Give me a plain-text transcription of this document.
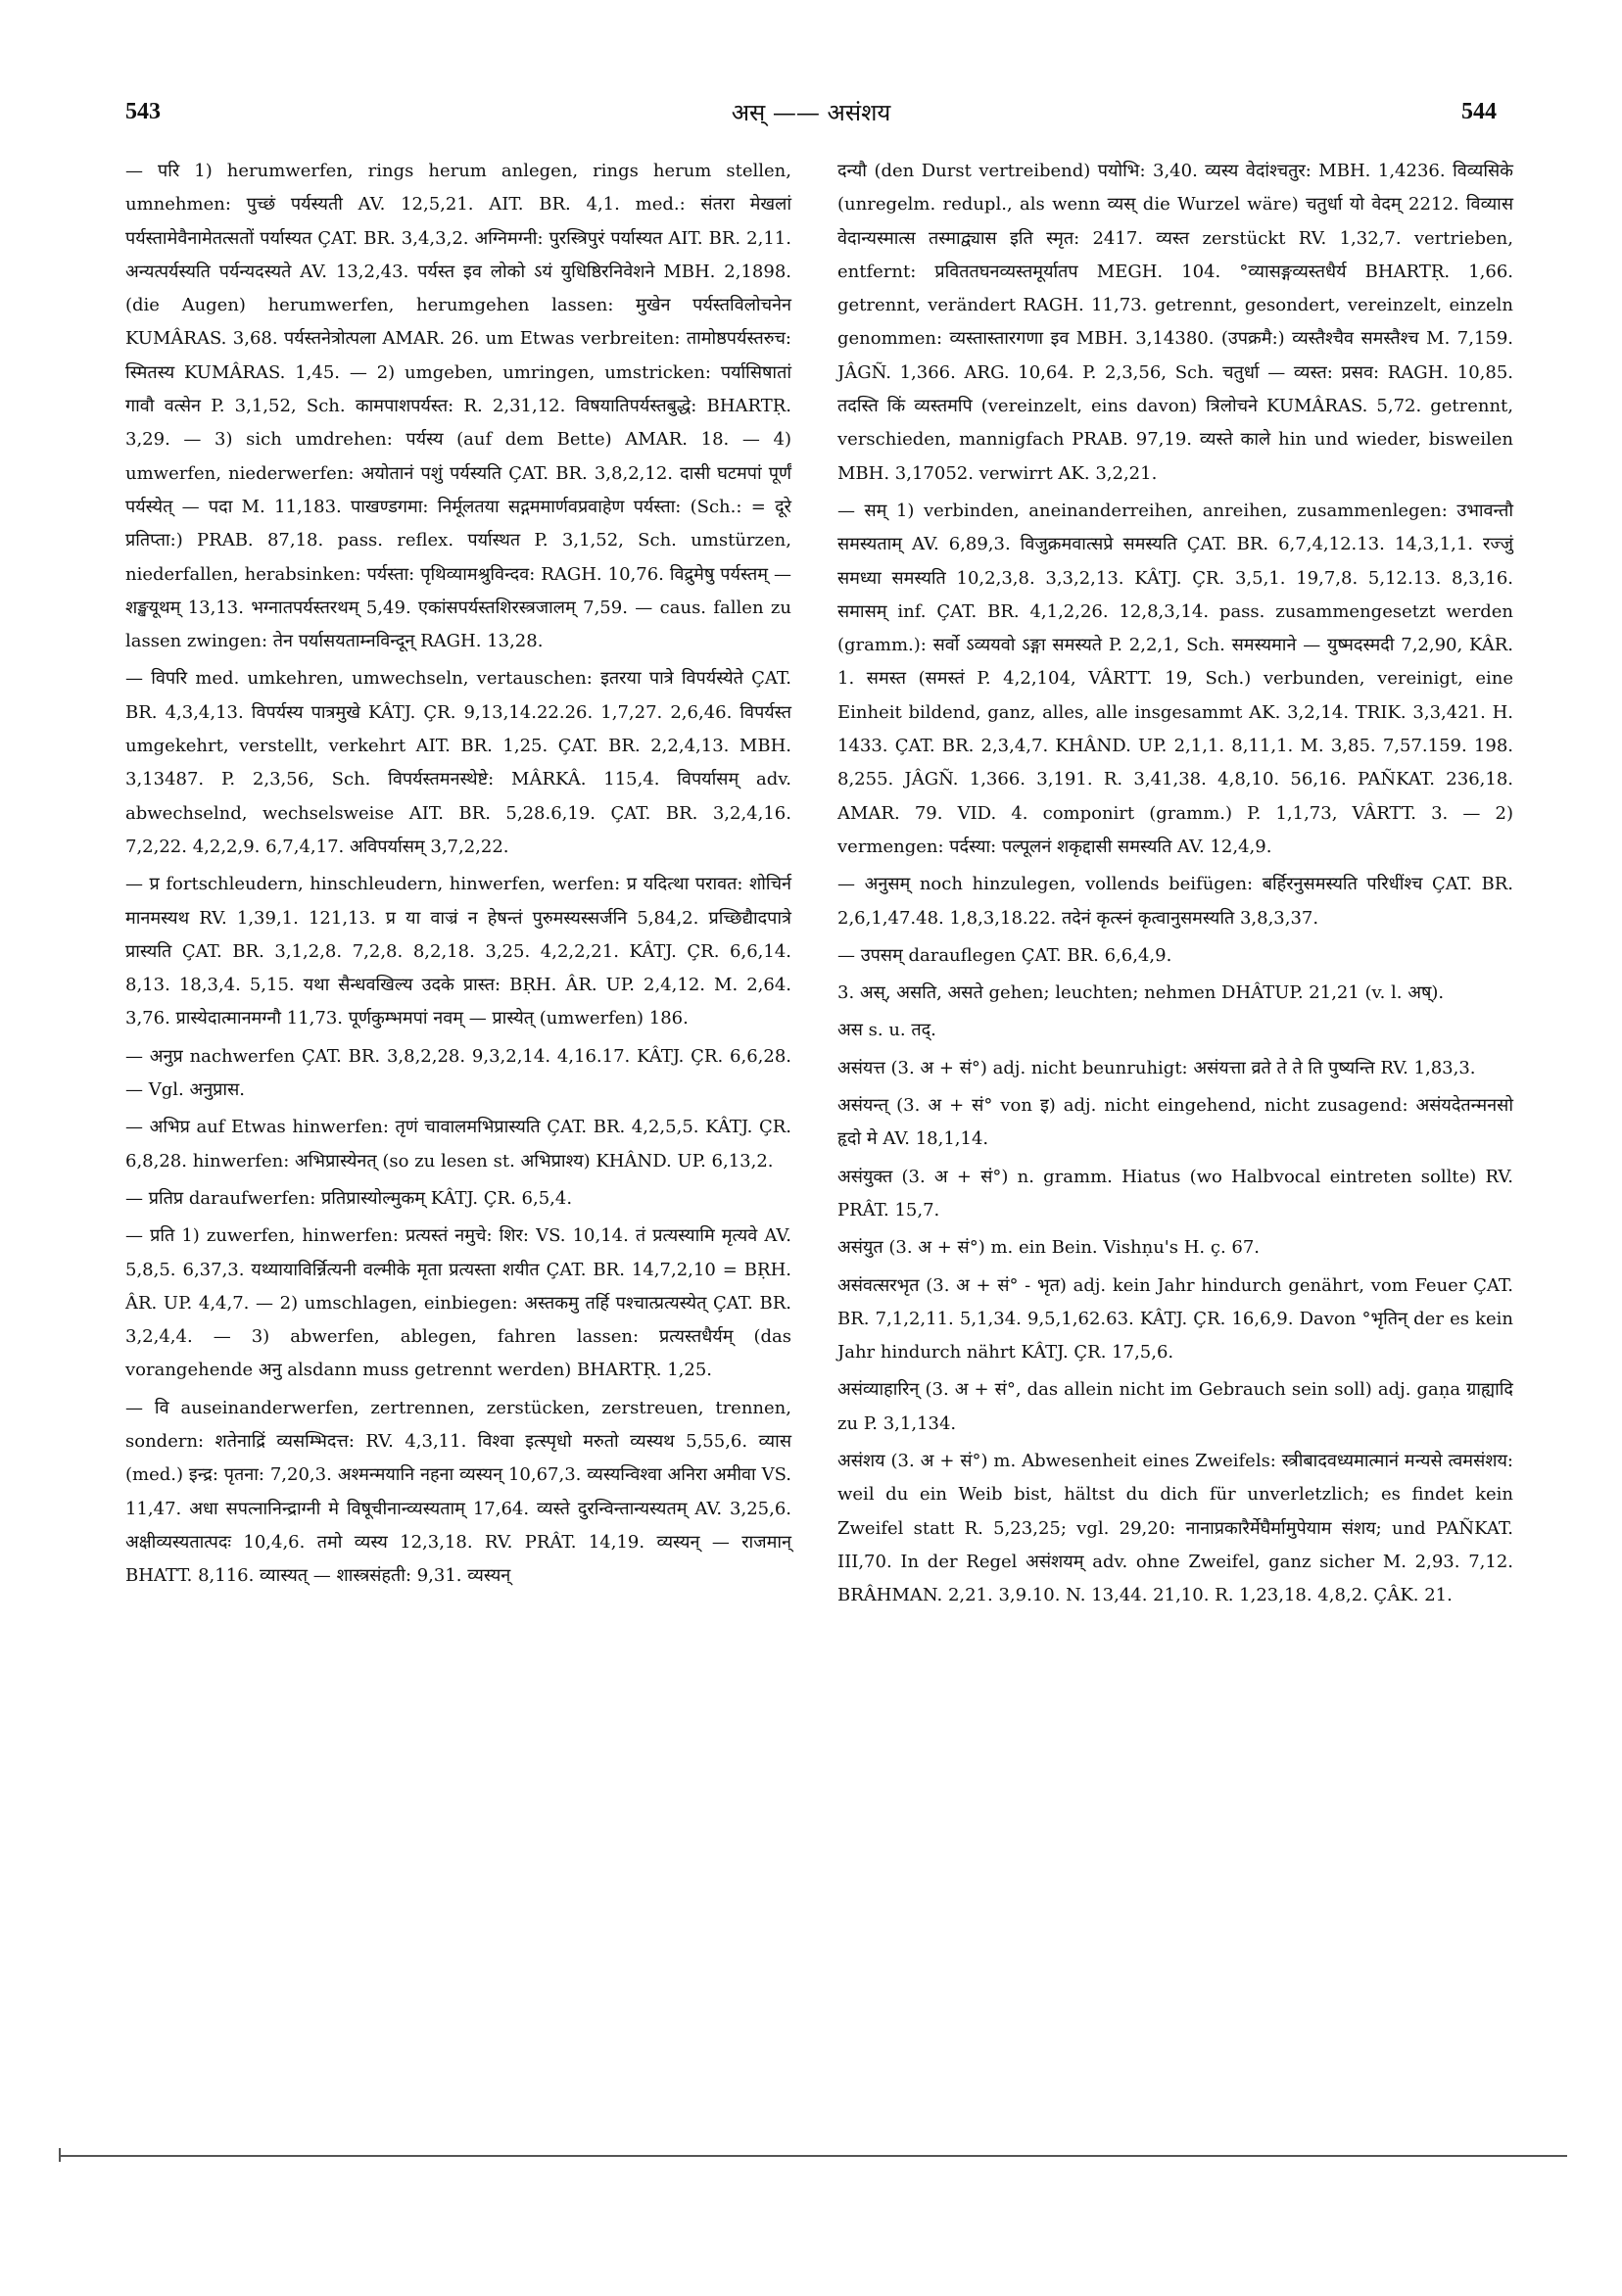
543	अस् —— असंशय	544

— परि 1) herumwerfen, rings herum anlegen, rings herum stellen, umnehmen: पुच्छं पर्यस्यती AV. 12,5,21. AIT. BR. 4,1. med.: संतरा मेखलां पर्यस्तामेवैनामेतत्सतों पर्यास्यत ÇAT. BR. 3,4,3,2. अग्निमग्नी: पुरस्त्रिपुरं पर्यास्यत AIT. BR. 2,11. अन्यत्पर्यस्यति पर्यन्यदस्यते AV. 13,2,43. पर्यस्त इव लोको ऽयं युधिष्ठिरनिवेशने MBH. 2,1898. (die Augen) herumwerfen, herumgehen lassen: मुखेन पर्यस्तविलोचनेन KUMÂRAS. 3,68. पर्यस्तनेत्रोत्पला AMAR. 26. um Etwas verbreiten: तामोष्ठपर्यस्तरुच: स्मितस्य KUMÂRAS. 1,45. — 2) umgeben, umringen, umstricken: पर्यासिषातां गावौ वत्सेन P. 3,1,52, Sch. कामपाशपर्यस्त: R. 2,31,12. विषयातिपर्यस्तबुद्धे: BHARTṚ. 3,29. — 3) sich umdrehen: पर्यस्य (auf dem Bette) AMAR. 18. — 4) umwerfen, niederwerfen: अयोतानं पशुं पर्यस्यति ÇAT. BR. 3,8,2,12. दासी घटमपां पूर्णं पर्यस्येत् — पदा M. 11,183. पाखण्डगमा: निर्मूलतया सद्गममार्णवप्रवाहेण पर्यस्ता: (Sch.: = दूरे प्रतिप्ता:) PRAB. 87,18. pass. reflex. पर्यास्थत P. 3,1,52, Sch. umstürzen, niederfallen, herabsinken: पर्यस्ता: पृथिव्यामश्रुविन्दव: RAGH. 10,76. विद्रुमेषु पर्यस्तम् — शङ्खयूथम् 13,13. भग्नातपर्यस्तरथम् 5,49. एकांसपर्यस्तशिरस्त्रजालम् 7,59. — caus. fallen zu lassen zwingen: तेन पर्यासयताम्नविन्दून् RAGH. 13,28.

— विपरि med. umkehren, umwechseln, vertauschen: इतरया पात्रे विपर्यस्येते ÇAT. BR. 4,3,4,13. विपर्यस्य पात्रमुखे KÂTJ. ÇR. 9,13,14.22.26. 1,7,27. 2,6,46. विपर्यस्त umgekehrt, verstellt, verkehrt AIT. BR. 1,25. ÇAT. BR. 2,2,4,13. MBH. 3,13487. P. 2,3,56, Sch. विपर्यस्तमनस्थेष्टे: MÂRKÂ. 115,4. विपर्यासम् adv. abwechselnd, wechselsweise AIT. BR. 5,28.6,19. ÇAT. BR. 3,2,4,16. 7,2,22. 4,2,2,9. 6,7,4,17. अविपर्यासम् 3,7,2,22.

— प्र fortschleudern, hinschleudern, hinwerfen, werfen: प्र यदित्था परावत: शोचिर्न मानमस्यथ RV. 1,39,1. 121,13. प्र या वाज्रं न हेषन्तं पुरुमस्यस्सर्जनि 5,84,2. प्रच्छिद्यैादपात्रे प्रास्यति ÇAT. BR. 3,1,2,8. 7,2,8. 8,2,18. 3,25. 4,2,2,21. KÂTJ. ÇR. 6,6,14. 8,13. 18,3,4. 5,15. यथा सैन्धवखिल्य उदके प्रास्त: BṚH. ÂR. UP. 2,4,12. M. 2,64. 3,76. प्रास्येदात्मानमग्नौ 11,73. पूर्णकुम्भमपां नवम् — प्रास्येत् (umwerfen) 186.

— अनुप्र nachwerfen ÇAT. BR. 3,8,2,28. 9,3,2,14. 4,16.17. KÂTJ. ÇR. 6,6,28. — Vgl. अनुप्रास.

— अभिप्र auf Etwas hinwerfen: तृणं चावालमभिप्रास्यति ÇAT. BR. 4,2,5,5. KÂTJ. ÇR. 6,8,28. hinwerfen: अभिप्रास्येनत् (so zu lesen st. अभिप्राश्य) KHÂND. UP. 6,13,2.

— प्रतिप्र daraufwerfen: प्रतिप्रास्योल्मुकम् KÂTJ. ÇR. 6,5,4.

— प्रति 1) zuwerfen, hinwerfen: प्रत्यस्तं नमुचे: शिर: VS. 10,14. तं प्रत्यस्यामि मृत्यवे AV. 5,8,5. 6,37,3. यथ्यायाविर्न्नित्यनी वल्मीके मृता प्रत्यस्ता शयीत ÇAT. BR. 14,7,2,10 = BṚH. ÂR. UP. 4,4,7. — 2) umschlagen, einbiegen: अस्तकमु तर्हि पश्चात्प्रत्यस्येत् ÇAT. BR. 3,2,4,4. — 3) abwerfen, ablegen, fahren lassen: प्रत्यस्तधैर्यम् (das vorangehende अनु alsdann muss getrennt werden) BHARTṚ. 1,25.

— वि auseinanderwerfen, zertrennen, zerstücken, zerstreuen, trennen, sondern: शतेनाद्रिं व्यसम्भिदत्त: RV. 4,3,11. विश्वा इत्स्पृधो मरुतो व्यस्यथ 5,55,6. व्यास (med.) इन्द्र: पृतना: 7,20,3. अश्मन्मयानि नहना व्यस्यन् 10,67,3. व्यस्यन्विश्वा अनिरा अमीवा VS. 11,47. अधा सपत्नानिन्द्राग्नी मे विषूचीनान्व्यस्यताम् 17,64. व्यस्ते दुरन्विन्तान्यस्यतम् AV. 3,25,6. अक्षीव्यस्यतात्पदः 10,4,6. तमो व्यस्य 12,3,18. RV. PRÂT. 14,19. व्यस्यन् — राजमान् BHATT. 8,116. व्यास्यत् — शास्त्रसंहती: 9,31. व्यस्यन्

दन्यौ (den Durst vertreibend) पयोभि: 3,40. व्यस्य वेदांश्चतुर: MBH. 1,4236. विव्यसिके (unregelm. redupl., als wenn व्यस् die Wurzel wäre) चतुर्धा यो वेदम् 2212. विव्यास वेदान्यस्मात्स तस्माद्व्यास इति स्मृत: 2417. व्यस्त zerstückt RV. 1,32,7. vertrieben, entfernt: प्रविततघनव्यस्तमूर्यातप MEGH. 104. °व्यासङ्गव्यस्तधैर्य BHARTṚ. 1,66. getrennt, verändert RAGH. 11,73. getrennt, gesondert, vereinzelt, einzeln genommen: व्यस्तास्तारगणा इव MBH. 3,14380. (उपक्रमै:) व्यस्तैश्चैव समस्तैश्च M. 7,159. JÂGÑ. 1,366. ARG. 10,64. P. 2,3,56, Sch. चतुर्धा — व्यस्त: प्रसव: RAGH. 10,85. तदस्ति किं व्यस्तमपि (vereinzelt, eins davon) त्रिलोचने KUMÂRAS. 5,72. getrennt, verschieden, mannigfach PRAB. 97,19. व्यस्ते काले hin und wieder, bisweilen MBH. 3,17052. verwirrt AK. 3,2,21.

— सम् 1) verbinden, aneinanderreihen, anreihen, zusammenlegen: उभावन्तौ समस्यताम् AV. 6,89,3. विजुक्रमवात्सप्रे समस्यति ÇAT. BR. 6,7,4,12.13. 14,3,1,1. रज्जुं समध्या समस्यति 10,2,3,8. 3,3,2,13. KÂTJ. ÇR. 3,5,1. 19,7,8. 5,12.13. 8,3,16. समासम् inf. ÇAT. BR. 4,1,2,26. 12,8,3,14. pass. zusammengesetzt werden (gramm.): सर्वो ऽव्ययवो ऽङ्गा समस्यते P. 2,2,1, Sch. समस्यमाने — युष्मदस्मदी 7,2,90, KÂR. 1. समस्त (समस्तं P. 4,2,104, VÂRTT. 19, Sch.) verbunden, vereinigt, eine Einheit bildend, ganz, alles, alle insgesammt AK. 3,2,14. TRIK. 3,3,421. H. 1433. ÇAT. BR. 2,3,4,7. KHÂND. UP. 2,1,1. 8,11,1. M. 3,85. 7,57.159. 198. 8,255. JÂGÑ. 1,366. 3,191. R. 3,41,38. 4,8,10. 56,16. PAÑKAT. 236,18. AMAR. 79. VID. 4. componirt (gramm.) P. 1,1,73, VÂRTT. 3. — 2) vermengen: पर्दस्या: पल्पूलनं शकृद्दासी समस्यति AV. 12,4,9.

— अनुसम् noch hinzulegen, vollends beifügen: बर्हिरनुसमस्यति परिधींश्च ÇAT. BR. 2,6,1,47.48. 1,8,3,18.22. तदेनं कृत्स्नं कृत्वानुसमस्यति 3,8,3,37.

— उपसम् darauflegen ÇAT. BR. 6,6,4,9.

3. अस्, असति, असते gehen; leuchten; nehmen DHÂTUP. 21,21 (v. l. अष्).

अस s. u. तद्.

असंयत्त (3. अ + सं°) adj. nicht beunruhigt: असंयत्ता व्रते ते ते ति पुष्यन्ति RV. 1,83,3.

असंयन्त् (3. अ + सं° von इ) adj. nicht eingehend, nicht zusagend: असंयदेतन्मनसो हृदो मे AV. 18,1,14.

असंयुक्त (3. अ + सं°) n. gramm. Hiatus (wo Halbvocal eintreten sollte) RV. PRÂT. 15,7.

असंयुत (3. अ + सं°) m. ein Bein. Vishṇu's H. ç. 67.

असंवत्सरभृत (3. अ + सं° - भृत) adj. kein Jahr hindurch genährt, vom Feuer ÇAT. BR. 7,1,2,11. 5,1,34. 9,5,1,62.63. KÂTJ. ÇR. 16,6,9. Davon °भृतिन् der es kein Jahr hindurch nährt KÂTJ. ÇR. 17,5,6.

असंव्याहारिन् (3. अ + सं°, das allein nicht im Gebrauch sein soll) adj. gaṇa ग्राह्यादि zu P. 3,1,134.

असंशय (3. अ + सं°) m. Abwesenheit eines Zweifels: स्त्रीबादवध्यमात्मानं मन्यसे त्वमसंशय: weil du ein Weib bist, hältst du dich für unverletzlich; es findet kein Zweifel statt R. 5,23,25; vgl. 29,20: नानाप्रकारैर्मेघैर्मामुपेयाम संशय; und PAÑKAT. III,70. In der Regel असंशयम् adv. ohne Zweifel, ganz sicher M. 2,93. 7,12. BRÂHMAN. 2,21. 3,9.10. N. 13,44. 21,10. R. 1,23,18. 4,8,2. ÇÂK. 21.
